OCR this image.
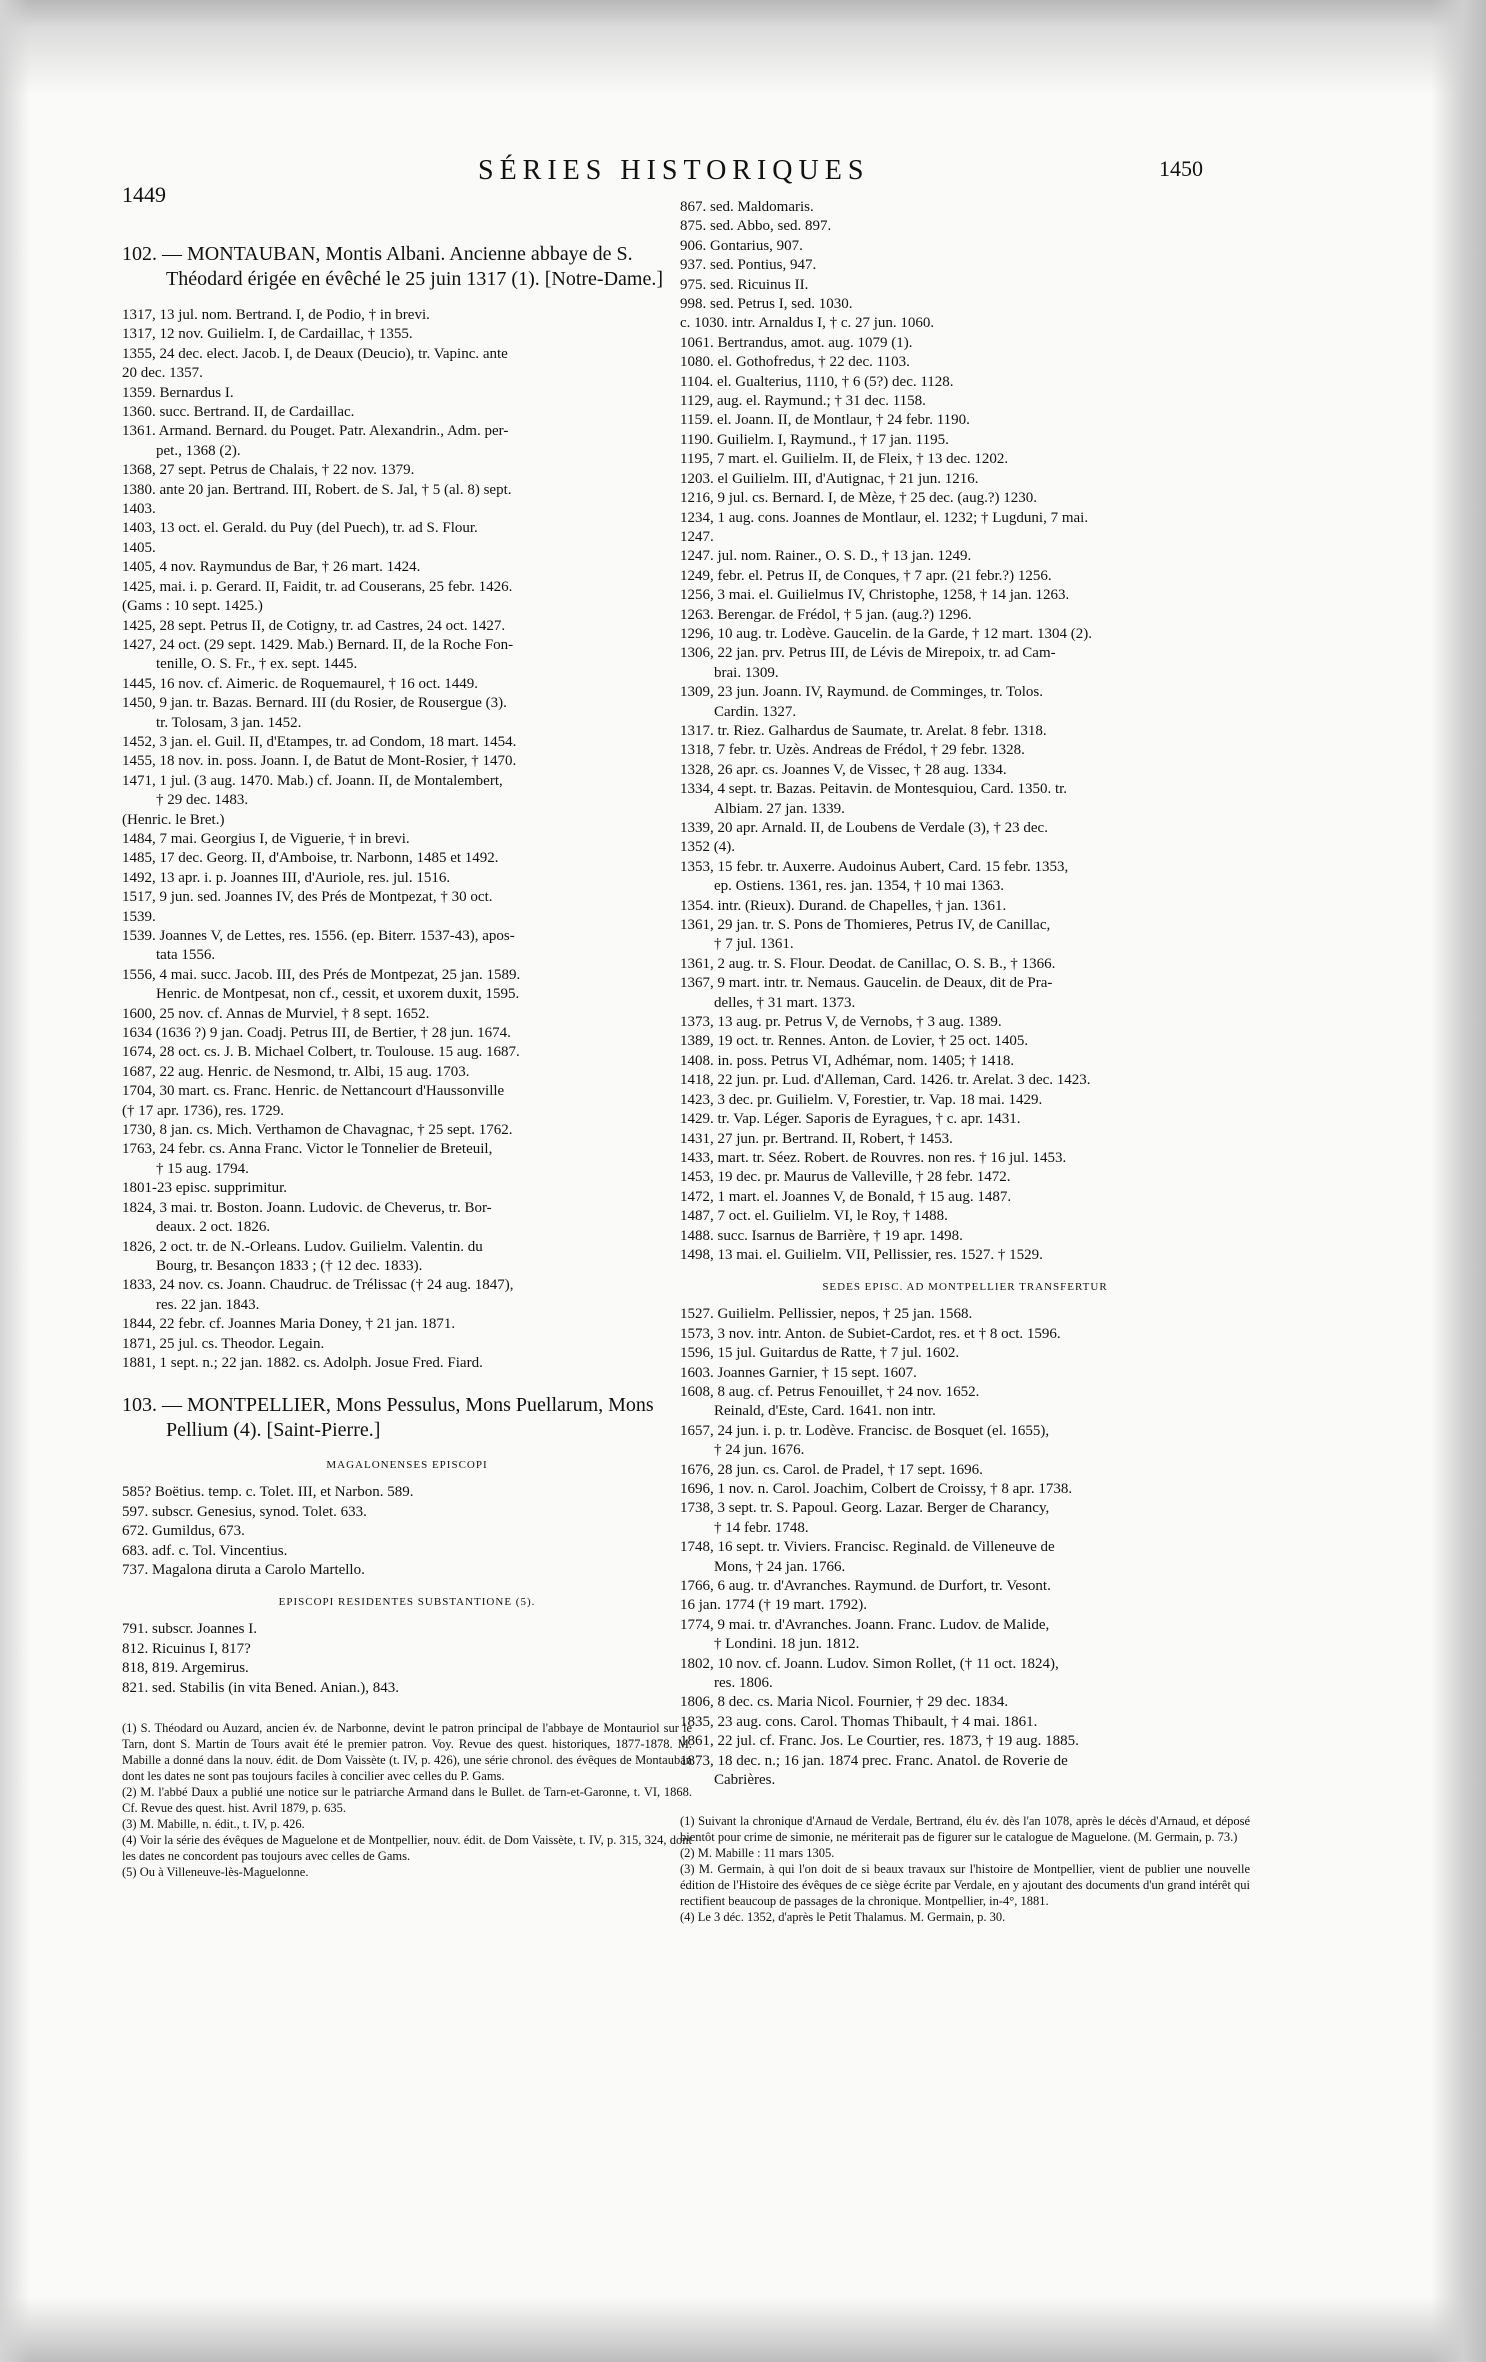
1449
SÉRIES HISTORIQUES	1450
102. — MONTAUBAN, Montis Albani. Ancienne abbaye de S. Théodard érigée en évêché le 25 juin 1317 (1). [Notre-Dame.]
1317, 13 jul. nom. Bertrand. I, de Podio, † in brevi.
1317, 12 nov. Guilielm. I, de Cardaillac, † 1355.
1355, 24 dec. elect. Jacob. I, de Deaux (Deucio), tr. Vapinc. ante
20 dec. 1357.
1359. Bernardus I.
1360. succ. Bertrand. II, de Cardaillac.
1361. Armand. Bernard. du Pouget. Patr. Alexandrin., Adm. per-
pet., 1368 (2).
1368, 27 sept. Petrus de Chalais, † 22 nov. 1379.
1380. ante 20 jan. Bertrand. III, Robert. de S. Jal, † 5 (al. 8) sept.
1403.
1403, 13 oct. el. Gerald. du Puy (del Puech), tr. ad S. Flour.
1405.
1405, 4 nov. Raymundus de Bar, † 26 mart. 1424.
1425, mai. i. p. Gerard. II, Faidit, tr. ad Couserans, 25 febr. 1426.
(Gams : 10 sept. 1425.)
1425, 28 sept. Petrus II, de Cotigny, tr. ad Castres, 24 oct. 1427.
1427, 24 oct. (29 sept. 1429. Mab.) Bernard. II, de la Roche Fon-
tenille, O. S. Fr., † ex. sept. 1445.
1445, 16 nov. cf. Aimeric. de Roquemaurel, † 16 oct. 1449.
1450, 9 jan. tr. Bazas. Bernard. III (du Rosier, de Rousergue (3).
tr. Tolosam, 3 jan. 1452.
1452, 3 jan. el. Guil. II, d'Etampes, tr. ad Condom, 18 mart. 1454.
1455, 18 nov. in. poss. Joann. I, de Batut de Mont-Rosier, † 1470.
1471, 1 jul. (3 aug. 1470. Mab.) cf. Joann. II, de Montalembert,
† 29 dec. 1483.
(Henric. le Bret.)
1484, 7 mai. Georgius I, de Viguerie, † in brevi.
1485, 17 dec. Georg. II, d'Amboise, tr. Narbonn, 1485 et 1492.
1492, 13 apr. i. p. Joannes III, d'Auriole, res. jul. 1516.
1517, 9 jun. sed. Joannes IV, des Prés de Montpezat, † 30 oct.
1539.
1539. Joannes V, de Lettes, res. 1556. (ep. Biterr. 1537-43), apos-
tata 1556.
1556, 4 mai. succ. Jacob. III, des Prés de Montpezat, 25 jan. 1589.
Henric. de Montpesat, non cf., cessit, et uxorem duxit, 1595.
1600, 25 nov. cf. Annas de Murviel, † 8 sept. 1652.
1634 (1636 ?) 9 jan. Coadj. Petrus III, de Bertier, † 28 jun. 1674.
1674, 28 oct. cs. J. B. Michael Colbert, tr. Toulouse. 15 aug. 1687.
1687, 22 aug. Henric. de Nesmond, tr. Albi, 15 aug. 1703.
1704, 30 mart. cs. Franc. Henric. de Nettancourt d'Haussonville
(† 17 apr. 1736), res. 1729.
1730, 8 jan. cs. Mich. Verthamon de Chavagnac, † 25 sept. 1762.
1763, 24 febr. cs. Anna Franc. Victor le Tonnelier de Breteuil,
† 15 aug. 1794.
1801-23 episc. supprimitur.
1824, 3 mai. tr. Boston. Joann. Ludovic. de Cheverus, tr. Bor-
deaux. 2 oct. 1826.
1826, 2 oct. tr. de N.-Orleans. Ludov. Guilielm. Valentin. du
Bourg, tr. Besançon 1833 ; († 12 dec. 1833).
1833, 24 nov. cs. Joann. Chaudruc. de Trélissac († 24 aug. 1847),
res. 22 jan. 1843.
1844, 22 febr. cf. Joannes Maria Doney, † 21 jan. 1871.
1871, 25 jul. cs. Theodor. Legain.
1881, 1 sept. n.; 22 jan. 1882. cs. Adolph. Josue Fred. Fiard.
103. — MONTPELLIER, Mons Pessulus, Mons Puellarum, Mons Pellium (4). [Saint-Pierre.]
MAGALONENSES EPISCOPI
585? Boëtius. temp. c. Tolet. III, et Narbon. 589.
597. subscr. Genesius, synod. Tolet. 633.
672. Gumildus, 673.
683. adf. c. Tol. Vincentius.
737. Magalona diruta a Carolo Martello.
EPISCOPI RESIDENTES SUBSTANTIONE (5).
791. subscr. Joannes I.
812. Ricuinus I, 817?
818, 819. Argemirus.
821. sed. Stabilis (in vita Bened. Anian.), 843.
(1) S. Théodard ou Auzard, ancien év. de Narbonne, devint le patron principal de l'abbaye de Montauriol sur le Tarn, dont S. Martin de Tours avait été le premier patron. Voy. Revue des quest. historiques, 1877-1878. M. Mabille a donné dans la nouv. édit. de Dom Vaissète (t. IV, p. 426), une série chronol. des évêques de Montauban dont les dates ne sont pas toujours faciles à concilier avec celles du P. Gams.
(2) M. l'abbé Daux a publié une notice sur le patriarche Armand dans le Bullet. de Tarn-et-Garonne, t. VI, 1868. Cf. Revue des quest. hist. Avril 1879, p. 635.
(3) M. Mabille, n. édit., t. IV, p. 426.
(4) Voir la série des évêques de Maguelone et de Montpellier, nouv. édit. de Dom Vaissète, t. IV, p. 315, 324, dont les dates ne concordent pas toujours avec celles de Gams.
(5) Ou à Villeneuve-lès-Maguelonne.
867. sed. Maldomaris.
875. sed. Abbo, sed. 897.
906. Gontarius, 907.
937. sed. Pontius, 947.
975. sed. Ricuinus II.
998. sed. Petrus I, sed. 1030.
c. 1030. intr. Arnaldus I, † c. 27 jun. 1060.
1061. Bertrandus, amot. aug. 1079 (1).
1080. el. Gothofredus, † 22 dec. 1103.
1104. el. Gualterius, 1110, † 6 (5?) dec. 1128.
1129, aug. el. Raymund.; † 31 dec. 1158.
1159. el. Joann. II, de Montlaur, † 24 febr. 1190.
1190. Guilielm. I, Raymund., † 17 jan. 1195.
1195, 7 mart. el. Guilielm. II, de Fleix, † 13 dec. 1202.
1203. el Guilielm. III, d'Autignac, † 21 jun. 1216.
1216, 9 jul. cs. Bernard. I, de Mèze, † 25 dec. (aug.?) 1230.
1234, 1 aug. cons. Joannes de Montlaur, el. 1232; † Lugduni, 7 mai.
1247.
1247. jul. nom. Rainer., O. S. D., † 13 jan. 1249.
1249, febr. el. Petrus II, de Conques, † 7 apr. (21 febr.?) 1256.
1256, 3 mai. el. Guilielmus IV, Christophe, 1258, † 14 jan. 1263.
1263. Berengar. de Frédol, † 5 jan. (aug.?) 1296.
1296, 10 aug. tr. Lodève. Gaucelin. de la Garde, † 12 mart. 1304 (2).
1306, 22 jan. prv. Petrus III, de Lévis de Mirepoix, tr. ad Cam-
brai. 1309.
1309, 23 jun. Joann. IV, Raymund. de Comminges, tr. Tolos.
Cardin. 1327.
1317. tr. Riez. Galhardus de Saumate, tr. Arelat. 8 febr. 1318.
1318, 7 febr. tr. Uzès. Andreas de Frédol, † 29 febr. 1328.
1328, 26 apr. cs. Joannes V, de Vissec, † 28 aug. 1334.
1334, 4 sept. tr. Bazas. Peitavin. de Montesquiou, Card. 1350. tr.
Albiam. 27 jan. 1339.
1339, 20 apr. Arnald. II, de Loubens de Verdale (3), † 23 dec.
1352 (4).
1353, 15 febr. tr. Auxerre. Audoinus Aubert, Card. 15 febr. 1353,
ep. Ostiens. 1361, res. jan. 1354, † 10 mai 1363.
1354. intr. (Rieux). Durand. de Chapelles, † jan. 1361.
1361, 29 jan. tr. S. Pons de Thomieres, Petrus IV, de Canillac,
† 7 jul. 1361.
1361, 2 aug. tr. S. Flour. Deodat. de Canillac, O. S. B., † 1366.
1367, 9 mart. intr. tr. Nemaus. Gaucelin. de Deaux, dit de Pra-
delles, † 31 mart. 1373.
1373, 13 aug. pr. Petrus V, de Vernobs, † 3 aug. 1389.
1389, 19 oct. tr. Rennes. Anton. de Lovier, † 25 oct. 1405.
1408. in. poss. Petrus VI, Adhémar, nom. 1405; † 1418.
1418, 22 jun. pr. Lud. d'Alleman, Card. 1426. tr. Arelat. 3 dec. 1423.
1423, 3 dec. pr. Guilielm. V, Forestier, tr. Vap. 18 mai. 1429.
1429. tr. Vap. Léger. Saporis de Eyragues, † c. apr. 1431.
1431, 27 jun. pr. Bertrand. II, Robert, † 1453.
1433, mart. tr. Séez. Robert. de Rouvres. non res. † 16 jul. 1453.
1453, 19 dec. pr. Maurus de Valleville, † 28 febr. 1472.
1472, 1 mart. el. Joannes V, de Bonald, † 15 aug. 1487.
1487, 7 oct. el. Guilielm. VI, le Roy, † 1488.
1488. succ. Isarnus de Barrière, † 19 apr. 1498.
1498, 13 mai. el. Guilielm. VII, Pellissier, res. 1527. † 1529.
SEDES EPISC. AD MONTPELLIER TRANSFERTUR
1527. Guilielm. Pellissier, nepos, † 25 jan. 1568.
1573, 3 nov. intr. Anton. de Subiet-Cardot, res. et † 8 oct. 1596.
1596, 15 jul. Guitardus de Ratte, † 7 jul. 1602.
1603. Joannes Garnier, † 15 sept. 1607.
1608, 8 aug. cf. Petrus Fenouillet, † 24 nov. 1652.
Reinald, d'Este, Card. 1641. non intr.
1657, 24 jun. i. p. tr. Lodève. Francisc. de Bosquet (el. 1655),
† 24 jun. 1676.
1676, 28 jun. cs. Carol. de Pradel, † 17 sept. 1696.
1696, 1 nov. n. Carol. Joachim, Colbert de Croissy, † 8 apr. 1738.
1738, 3 sept. tr. S. Papoul. Georg. Lazar. Berger de Charancy,
† 14 febr. 1748.
1748, 16 sept. tr. Viviers. Francisc. Reginald. de Villeneuve de
Mons, † 24 jan. 1766.
1766, 6 aug. tr. d'Avranches. Raymund. de Durfort, tr. Vesont.
16 jan. 1774 († 19 mart. 1792).
1774, 9 mai. tr. d'Avranches. Joann. Franc. Ludov. de Malide,
† Londini. 18 jun. 1812.
1802, 10 nov. cf. Joann. Ludov. Simon Rollet, († 11 oct. 1824),
res. 1806.
1806, 8 dec. cs. Maria Nicol. Fournier, † 29 dec. 1834.
1835, 23 aug. cons. Carol. Thomas Thibault, † 4 mai. 1861.
1861, 22 jul. cf. Franc. Jos. Le Courtier, res. 1873, † 19 aug. 1885.
1873, 18 dec. n.; 16 jan. 1874 prec. Franc. Anatol. de Roverie de
Cabrières.
(1) Suivant la chronique d'Arnaud de Verdale, Bertrand, élu év. dès l'an 1078, après le décès d'Arnaud, et déposé bientôt pour crime de simonie, ne mériterait pas de figurer sur le catalogue de Maguelone. (M. Germain, p. 73.)
(2) M. Mabille : 11 mars 1305.
(3) M. Germain, à qui l'on doit de si beaux travaux sur l'histoire de Montpellier, vient de publier une nouvelle édition de l'Histoire des évêques de ce siège écrite par Verdale, en y ajoutant des documents d'un grand intérêt qui rectifient beaucoup de passages de la chronique. Montpellier, in-4°, 1881.
(4) Le 3 déc. 1352, d'après le Petit Thalamus. M. Germain, p. 30.
